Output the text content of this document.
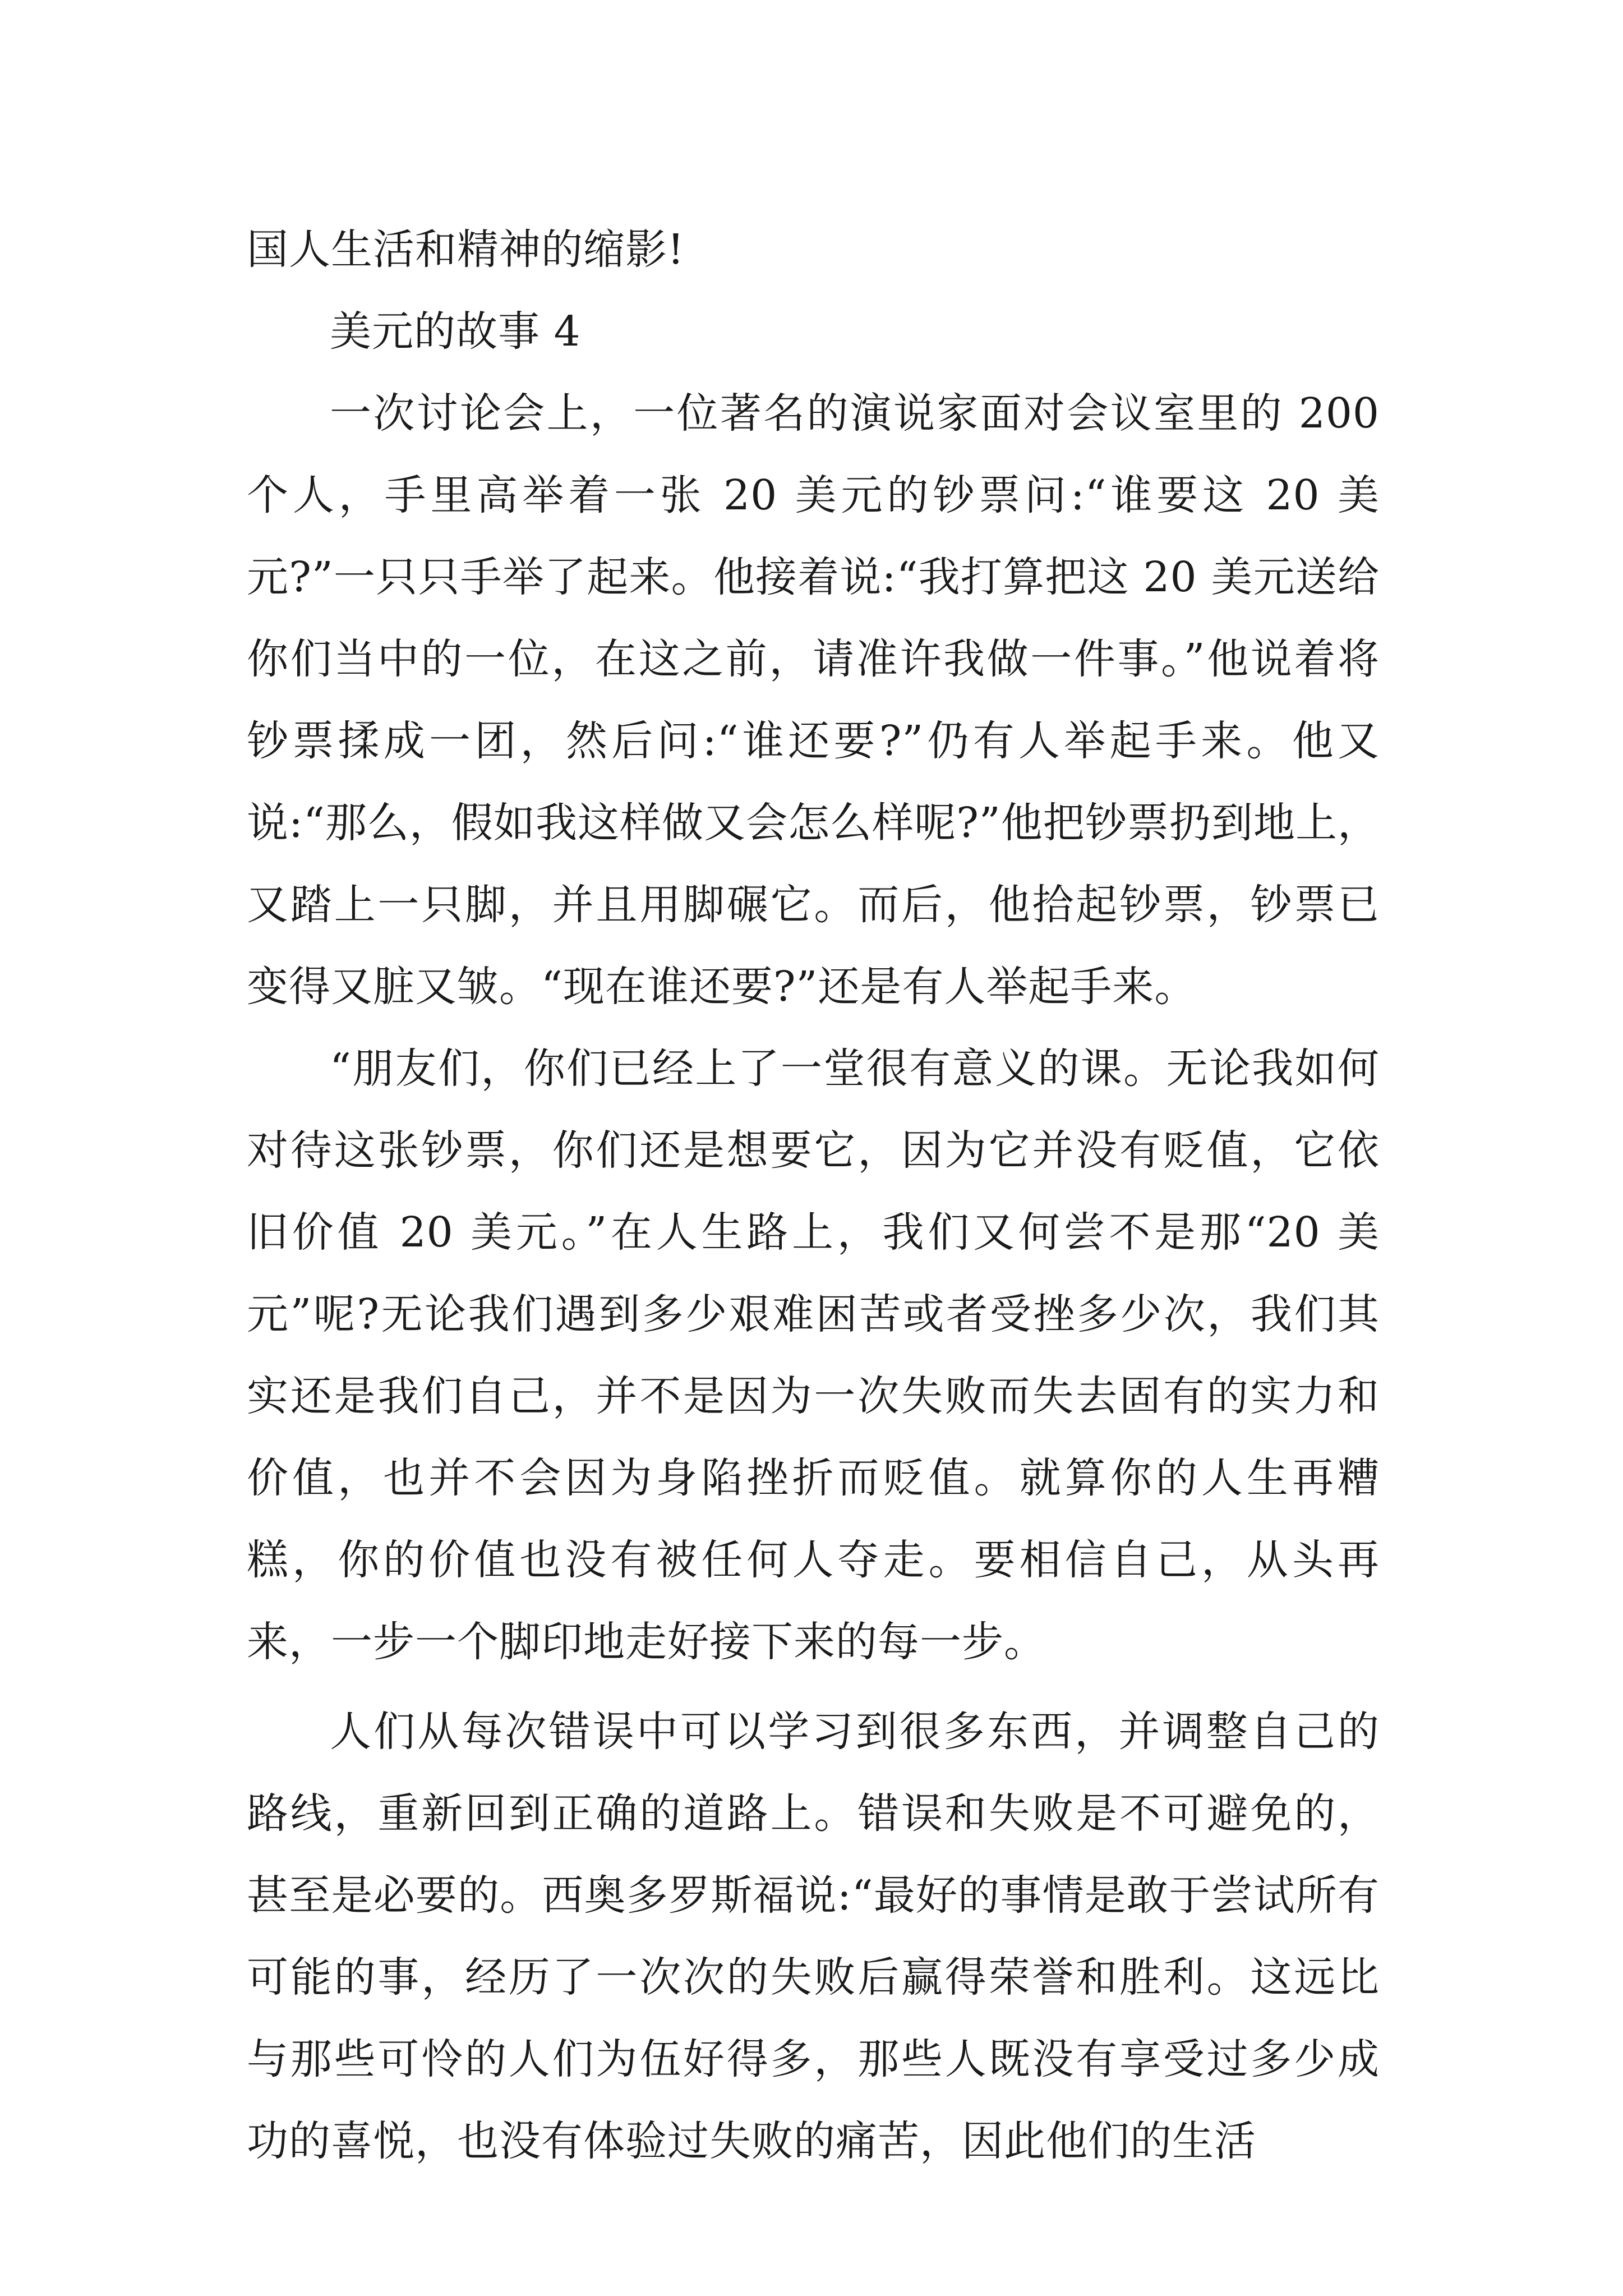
国人生活和精神的缩影!

美元的故事 4

一次讨论会上，一位著名的演说家面对会议室里的 200 个人，手里高举着一张 20 美元的钞票问:“谁要这 20 美元?”一只只手举了起来。他接着说:“我打算把这 20 美元送给你们当中的一位，在这之前，请准许我做一件事。”他说着将钞票揉成一团，然后问:“谁还要?”仍有人举起手来。他又说:“那么，假如我这样做又会怎么样呢?”他把钞票扔到地上，又踏上一只脚，并且用脚碾它。而后，他拾起钞票，钞票已变得又脏又皱。“现在谁还要?”还是有人举起手来。

“朋友们，你们已经上了一堂很有意义的课。无论我如何对待这张钞票，你们还是想要它，因为它并没有贬值，它依旧价值 20 美元。”在人生路上，我们又何尝不是那“20 美元”呢?无论我们遇到多少艰难困苦或者受挫多少次，我们其实还是我们自己，并不是因为一次失败而失去固有的实力和价值，也并不会因为身陷挫折而贬值。就算你的人生再糟糕，你的价值也没有被任何人夺走。要相信自己，从头再来，一步一个脚印地走好接下来的每一步。

人们从每次错误中可以学习到很多东西，并调整自己的路线，重新回到正确的道路上。错误和失败是不可避免的，甚至是必要的。西奥多罗斯福说:“最好的事情是敢于尝试所有可能的事，经历了一次次的失败后赢得荣誉和胜利。这远比与那些可怜的人们为伍好得多，那些人既没有享受过多少成功的喜悦，也没有体验过失败的痛苦，因此他们的生活
